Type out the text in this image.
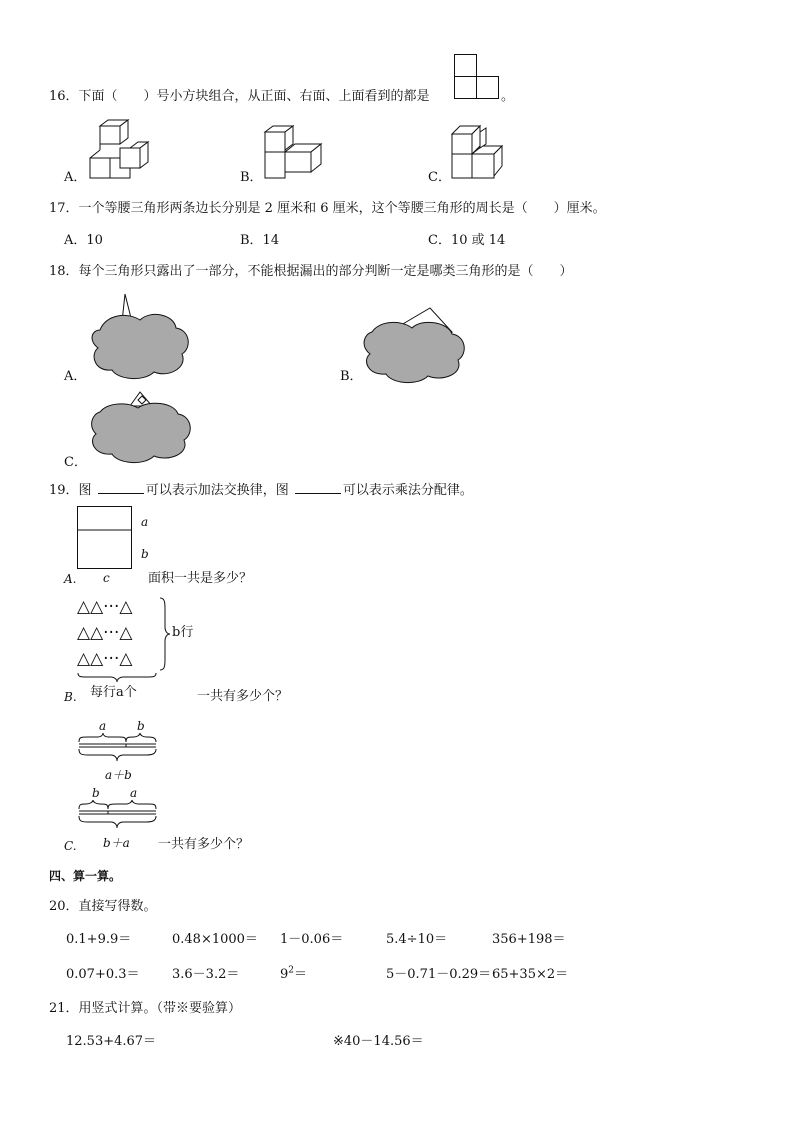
16．下面（　　）号小方块组合，从正面、右面、上面看到的都是	。
A．	B．	C．
17．一个等腰三角形两条边长分别是 2 厘米和 6 厘米，这个等腰三角形的周长是（　　）厘米。
A．10	B．14	C．10 或 14
18．每个三角形只露出了一部分，不能根据漏出的部分判断一定是哪类三角形的是（　　）
A．	B．
C．
19．图	可以表示加法交换律，图	可以表示乘法分配律。
a
b
A. c	面积一共是多少？
△△···△
△△···△
△△···△
b行
每行a个
B.	一共有多少个？
a	b
a＋b
b	a
C. b＋a 一共有多少个？
四、算一算。
20．直接写得数。
0.1+9.9＝	0.48×1000＝ 1－0.06＝	5.4÷10＝	356+198＝
0.07+0.3＝ 3.6－3.2＝	$9^2=$	5－0.71－0.29＝ 65+35×2＝
21．用竖式计算。（带※要验算）
12.53+4.67＝	※40－14.56＝
